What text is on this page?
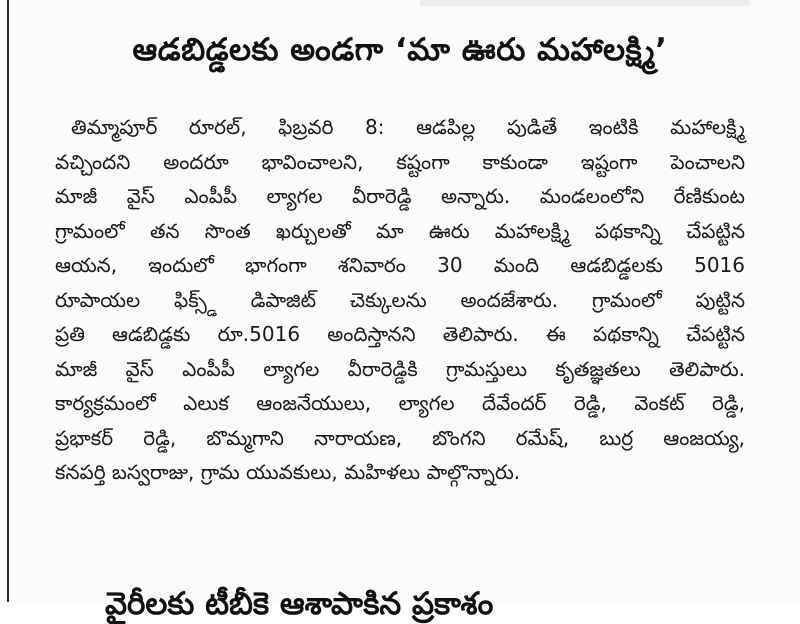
ఆడబిడ్డలకు అండగా ‘మా ఊరు మహాలక్ష్మి’
తిమ్మాపూర్ రూరల్, ఫిబ్రవరి 8: ఆడపిల్ల పుడితే ఇంటికి మహాలక్ష్మి
వచ్చిందని అందరూ భావించాలని, కష్టంగా కాకుండా ఇష్టంగా పెంచాలని
మాజీ వైస్ ఎంపీపీ ల్యాగల వీరారెడ్డి అన్నారు. మండలంలోని రేణికుంట
గ్రామంలో తన సొంత ఖర్చులతో మా ఊరు మహాలక్ష్మి పథకాన్ని చేపట్టిన
ఆయన, ఇందులో భాగంగా శనివారం 30 మంది ఆడబిడ్డలకు 5016
రూపాయల ఫిక్స్డ్ డిపాజిట్ చెక్కులను అందజేశారు. గ్రామంలో పుట్టిన
ప్రతి ఆడబిడ్డకు రూ.5016 అందిస్తానని తెలిపారు. ఈ పథకాన్ని చేపట్టిన
మాజీ వైస్ ఎంపీపీ ల్యాగల వీరారెడ్డికి గ్రామస్తులు కృతజ్ఞతలు తెలిపారు.
కార్యక్రమంలో ఎలుక ఆంజనేయులు, ల్యాగల దేవేందర్ రెడ్డి, వెంకట్ రెడ్డి,
ప్రభాకర్ రెడ్డి, బొమ్మగాని నారాయణ, బొంగని రమేష్, బుర్ర ఆంజయ్య,
కనపర్తి బస్వరాజు, గ్రామ యువకులు, మహిళలు పాల్గొన్నారు.
వైరీలకు టీబీకె ఆశాపాకిన ప్రకాశం
